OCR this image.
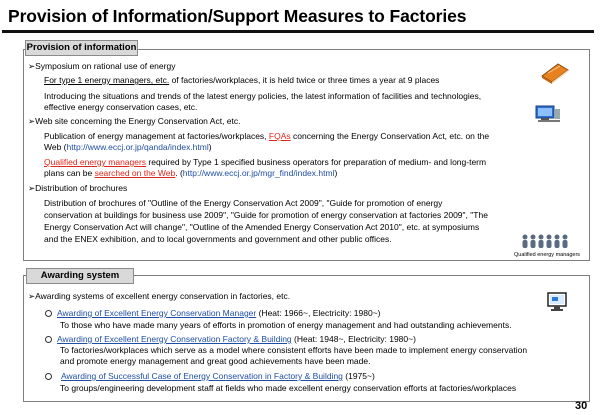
Provision of Information/Support Measures to Factories
Provision of information
➢Symposium on rational use of energy
For type 1 energy managers, etc. of factories/workplaces, it is held twice or three times a year at 9 places
Introducing the situations and trends of the latest energy policies, the latest information of facilities and technologies,
effective energy conservation cases, etc.
➢Web site concerning the Energy Conservation Act, etc.
Publication of energy management at factories/workplaces, FQAs concerning the Energy Conservation Act, etc. on the
Web (http://www.eccj.or.jp/qanda/index.html)
Qualified energy managers required by Type 1 specified business operators for preparation of medium- and long-term
plans can be searched on the Web. (http://www.eccj.or.jp/mgr_find/index.html)
➢Distribution of brochures
Distribution of brochures of "Outline of the Energy Conservation Act 2009", "Guide for promotion of energy
conservation at buildings for business use 2009", "Guide for promotion of energy conservation at factories 2009", "The
Energy Conservation Act will change", "Outline of the Amended Energy Conservation Act 2010", etc. at symposiums
and the ENEX exhibition, and to local governments and government and other public offices.
Qualified energy managers
Awarding system
➢Awarding systems of excellent energy conservation in factories, etc.
Awarding of Excellent Energy Conservation Manager (Heat: 1966~, Electricity: 1980~)
To those who have made many years of efforts in promotion of energy management and had outstanding achievements.
Awarding of Excellent Energy Conservation Factory & Building (Heat: 1948~, Electricity: 1980~)
To factories/workplaces which serve as a model where consistent efforts have been made to implement energy conservation
and promote energy management and great good achievements have been made.
Awarding of Successful Case of Energy Conservation in Factory & Building (1975~)
To groups/engineering development staff at fields who made excellent energy conservation efforts at factories/workplaces
30
